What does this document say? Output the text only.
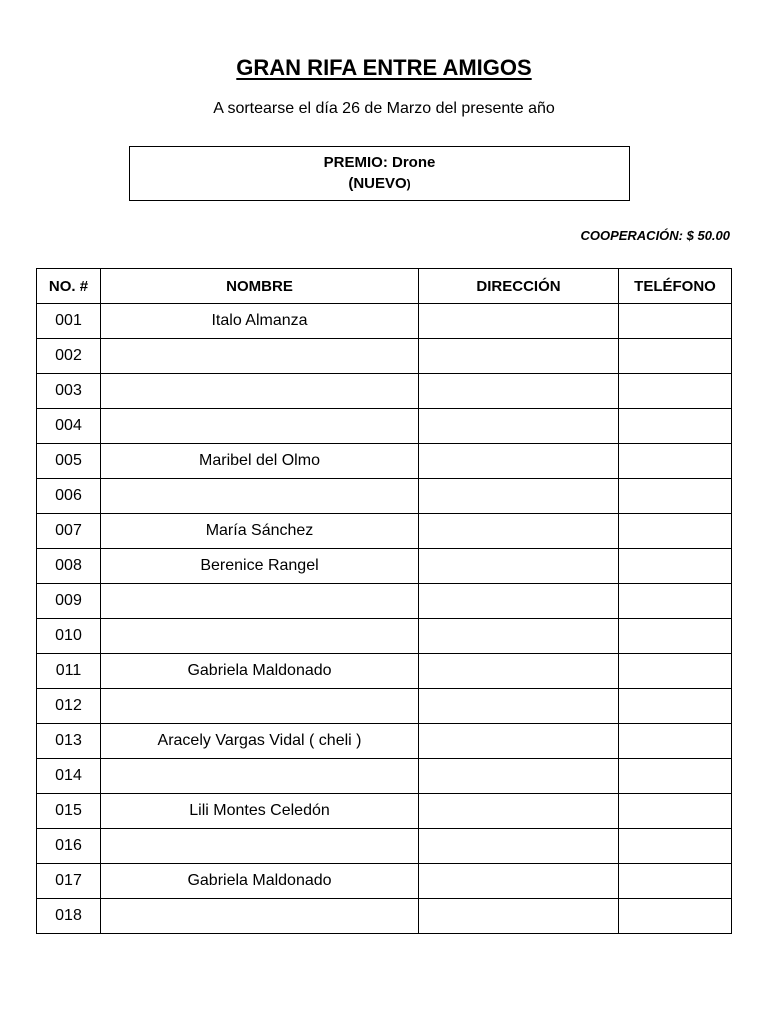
GRAN RIFA ENTRE AMIGOS
A sortearse el día 26 de Marzo del presente año
PREMIO: Drone
(NUEVO)
COOPERACIÓN: $ 50.00
NO. #	NOMBRE	DIRECCIÓN	TELÉFONO
001	Italo Almanza		
002			
003			
004			
005	Maribel del Olmo		
006			
007	María Sánchez		
008	Berenice Rangel		
009			
010			
011	Gabriela Maldonado		
012			
013	Aracely Vargas Vidal ( cheli )		
014			
015	Lili Montes Celedón		
016			
017	Gabriela Maldonado		
018			
